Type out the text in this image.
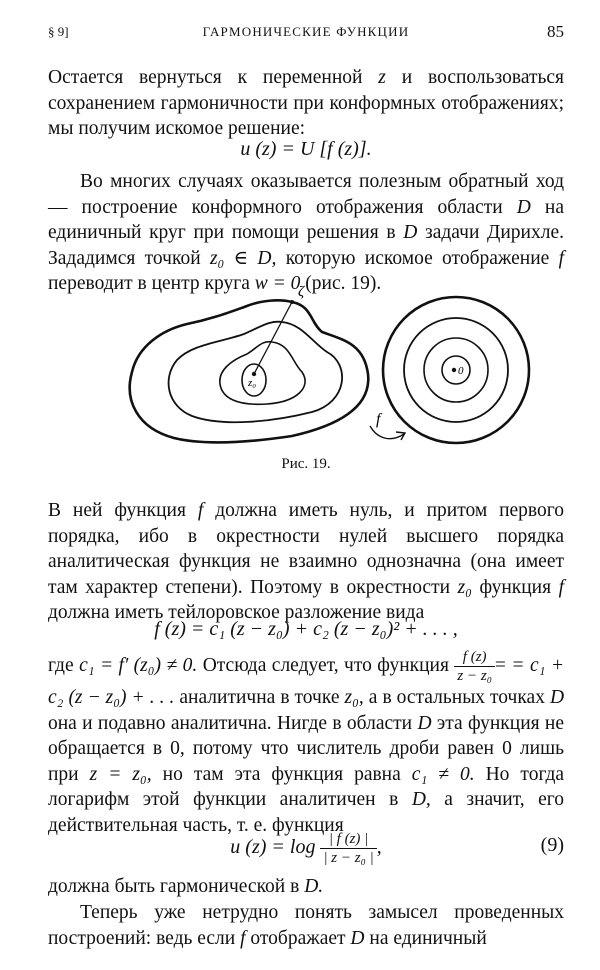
§ 9]	ГАРМОНИЧЕСКИЕ ФУНКЦИИ	85

Остается вернуться к переменной z и воспользоваться сохранением гармоничности при конформных отображениях; мы получим искомое решение:

u (z) = U [f (z)].

Во многих случаях оказывается полезным обратный ход — построение конформного отображения области D на единичный круг при помощи решения в D задачи Дирихле. Зададимся точкой z₀ ∈ D, которую искомое отображение f переводит в центр круга w = 0 (рис. 19).

ζ
z₀
0
f
Рис. 19.

В ней функция f должна иметь нуль, и притом первого порядка, ибо в окрестности нулей высшего порядка аналитическая функция не взаимно однозначна (она имеет там характер степени). Поэтому в окрестности z₀ функция f должна иметь тейлоровское разложение вида

f (z) = c₁ (z − z₀) + c₂ (z − z₀)² + . . . ,

где c₁ = f′ (z₀) ≠ 0. Отсюда следует, что функция $\frac{f (z)}{\text{z − z₀}}$ = = c₁ + c₂ (z − z₀) + . . . аналитична в точке z₀, а в остальных точках D она и подавно аналитична. Нигде в области D эта функция не обращается в 0, потому что числитель дроби равен 0 лишь при z = z₀, но там эта функция равна c₁ ≠ 0. Но тогда логарифм этой функции аналитичен в D, а значит, его действительная часть, т. е. функция

u $(z) = \log \frac{| f (z) |}{\text{| z − z₀ |}}$ ,	(9)

должна быть гармонической в D.

Теперь уже нетрудно понять замысел проведенных построений: ведь если f отображает D на единичный
